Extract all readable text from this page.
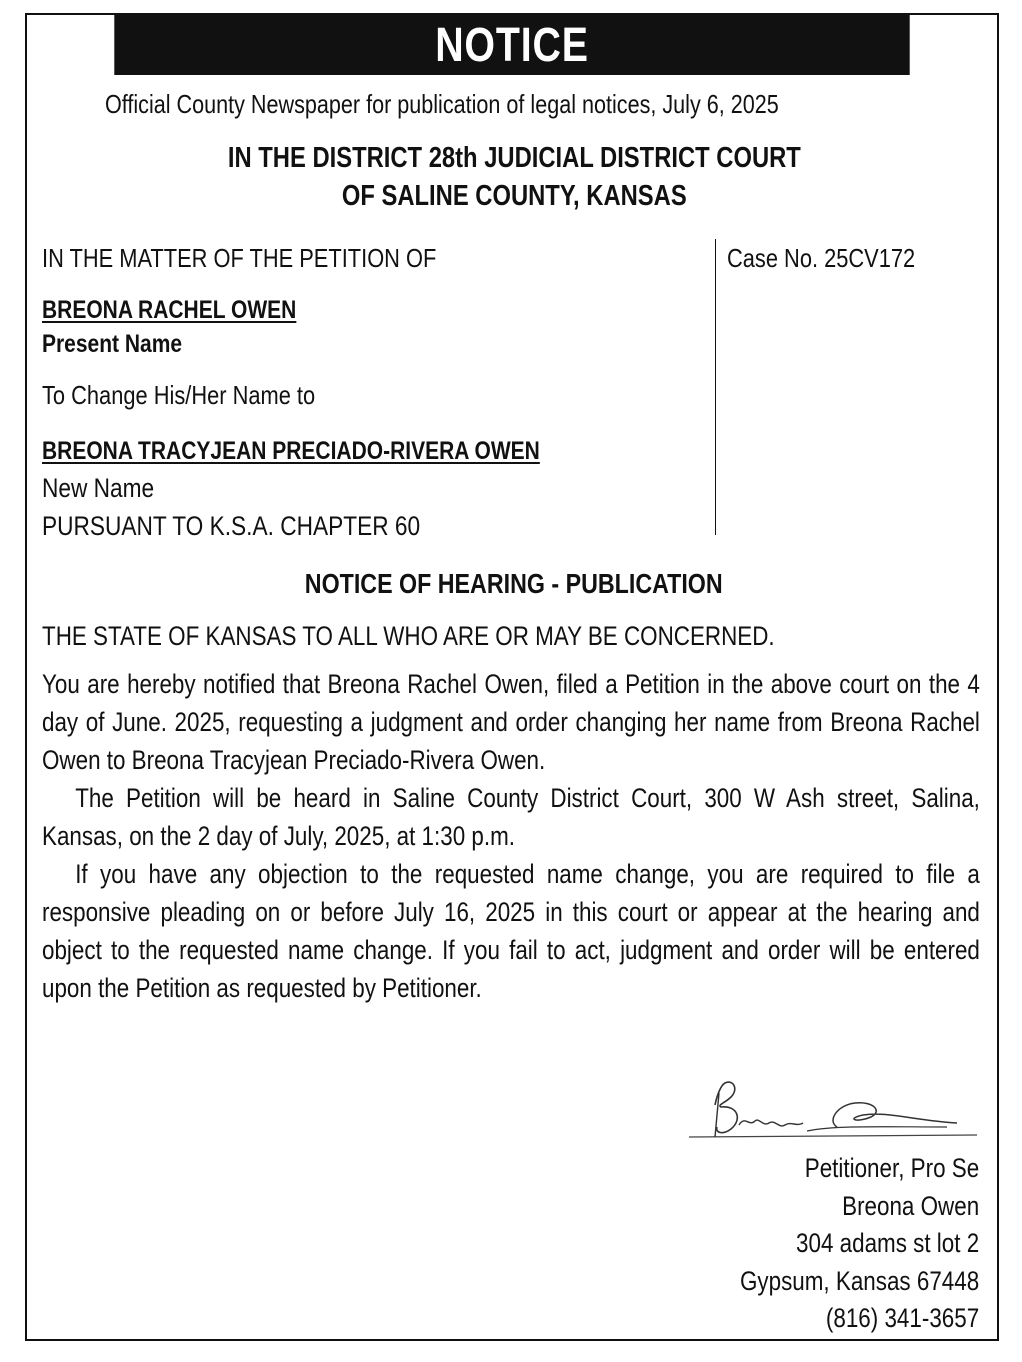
NOTICE
Official County Newspaper for publication of legal notices, July 6, 2025
IN THE DISTRICT 28th JUDICIAL DISTRICT COURT
OF SALINE COUNTY, KANSAS
IN THE MATTER OF THE PETITION OF
BREONA RACHEL OWEN
Present Name
To Change His/Her Name to
BREONA TRACYJEAN PRECIADO-RIVERA OWEN
New Name
PURSUANT TO K.S.A. CHAPTER 60
Case No. 25CV172
NOTICE OF HEARING - PUBLICATION

THE STATE OF KANSAS TO ALL WHO ARE OR MAY BE CONCERNED.

You are hereby notified that Breona Rachel Owen, filed a Petition in the above court on the 4 day of June. 2025, requesting a judgment and order changing her name from Breona Rachel Owen to Breona Tracyjean Preciado-Rivera Owen.

The Petition will be heard in Saline County District Court, 300 W Ash street, Salina, Kansas, on the 2 day of July, 2025, at 1:30 p.m.

If you have any objection to the requested name change, you are required to file a responsive pleading on or before July 16, 2025 in this court or appear at the hearing and object to the requested name change. If you fail to act, judgment and order will be entered upon the Petition as requested by Petitioner.

Petitioner, Pro Se
Breona Owen
304 adams st lot 2
Gypsum, Kansas 67448
(816) 341-3657
